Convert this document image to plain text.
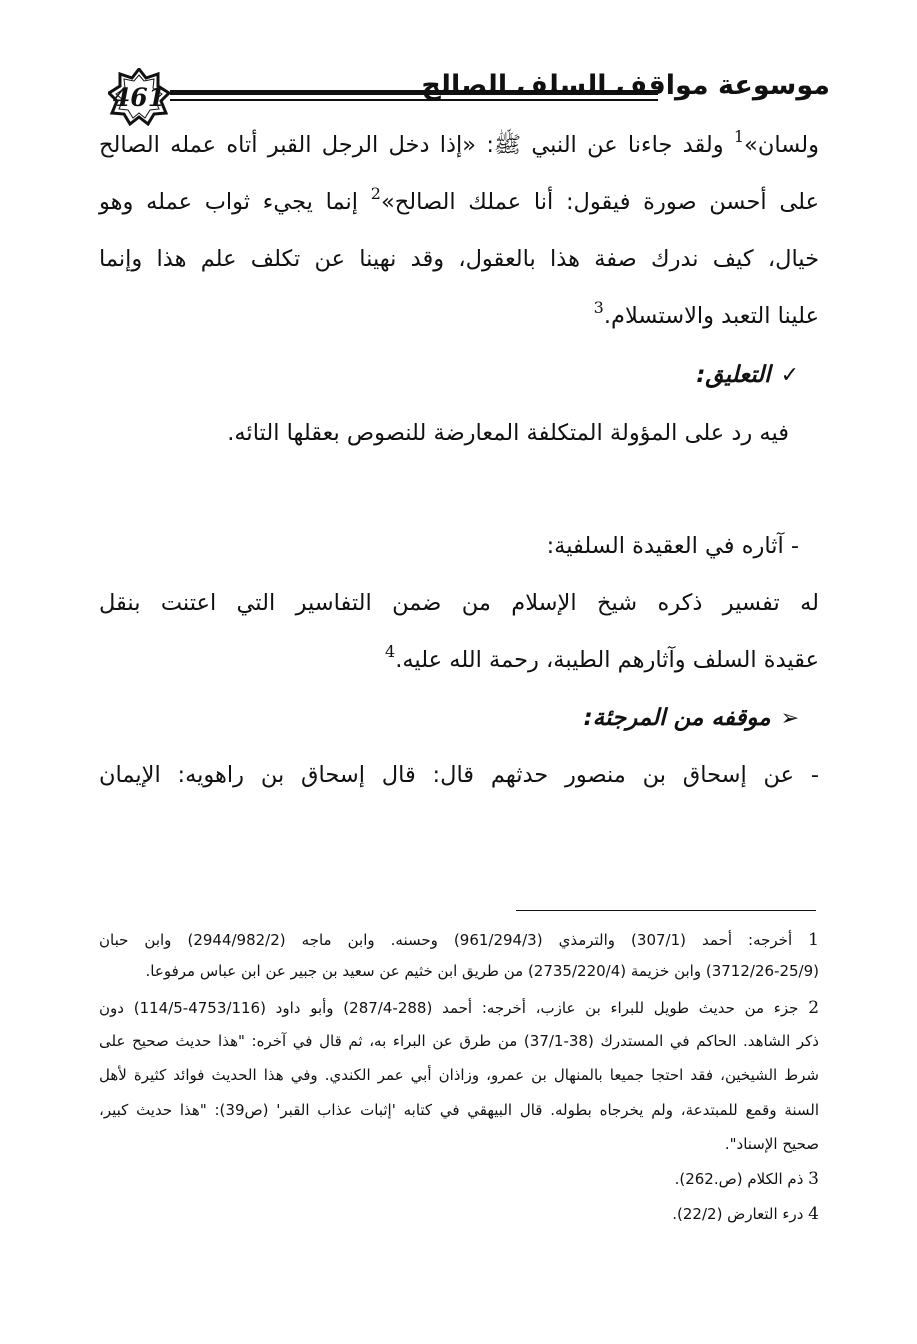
461	موسوعة مواقف السلف الصالح
ولسان»$^1$ ولقد جاءنا عن النبي ﷺ: «إذا دخل الرجل القبر أتاه عمله الصالح
على أحسن صورة فيقول: أنا عملك الصالح»$^2$ إنما يجيء ثواب عمله وهو
خيال، كيف ندرك صفة هذا بالعقول، وقد نهينا عن تكلف علم هذا وإنما
علينا التعبد والاستسلام.$^3$
✓
التعليق:
فيه رد على المؤولة المتكلفة المعارضة للنصوص بعقلها التائه.
- آثاره في العقيدة السلفية:
له تفسير ذكره شيخ الإسلام من ضمن التفاسير التي اعتنت بنقل
عقيدة السلف وآثارهم الطيبة، رحمة الله عليه.$^4$
➢
موقفه من المرجئة:
- عن إسحاق بن منصور حدثهم قال: قال إسحاق بن راهويه: الإيمان
1 أخرجه: أحمد (307/1) والترمذي (961/294/3) وحسنه. وابن ماجه (2944/982/2) وابن حبان
(3712/26-25/9) وابن خزيمة (2735/220/4) من طريق ابن خثيم عن سعيد بن جبير عن ابن عباس مرفوعا.
2 جزء من حديث طويل للبراء بن عازب، أخرجه: أحمد (288-287/4) وأبو داود (4753/116-114/5) دون
ذكر الشاهد. الحاكم في المستدرك (38-37/1) من طرق عن البراء به، ثم قال في آخره: "هذا حديث صحيح على
شرط الشيخين، فقد احتجا جميعا بالمنهال بن عمرو، وزاذان أبي عمر الكندي. وفي هذا الحديث فوائد كثيرة لأهل
السنة وقمع للمبتدعة، ولم يخرجاه بطوله. قال البيهقي في كتابه 'إثبات عذاب القبر' (ص39): "هذا حديث كبير،
صحيح الإسناد".
3 ذم الكلام (ص.262).
4 درء التعارض (22/2).
